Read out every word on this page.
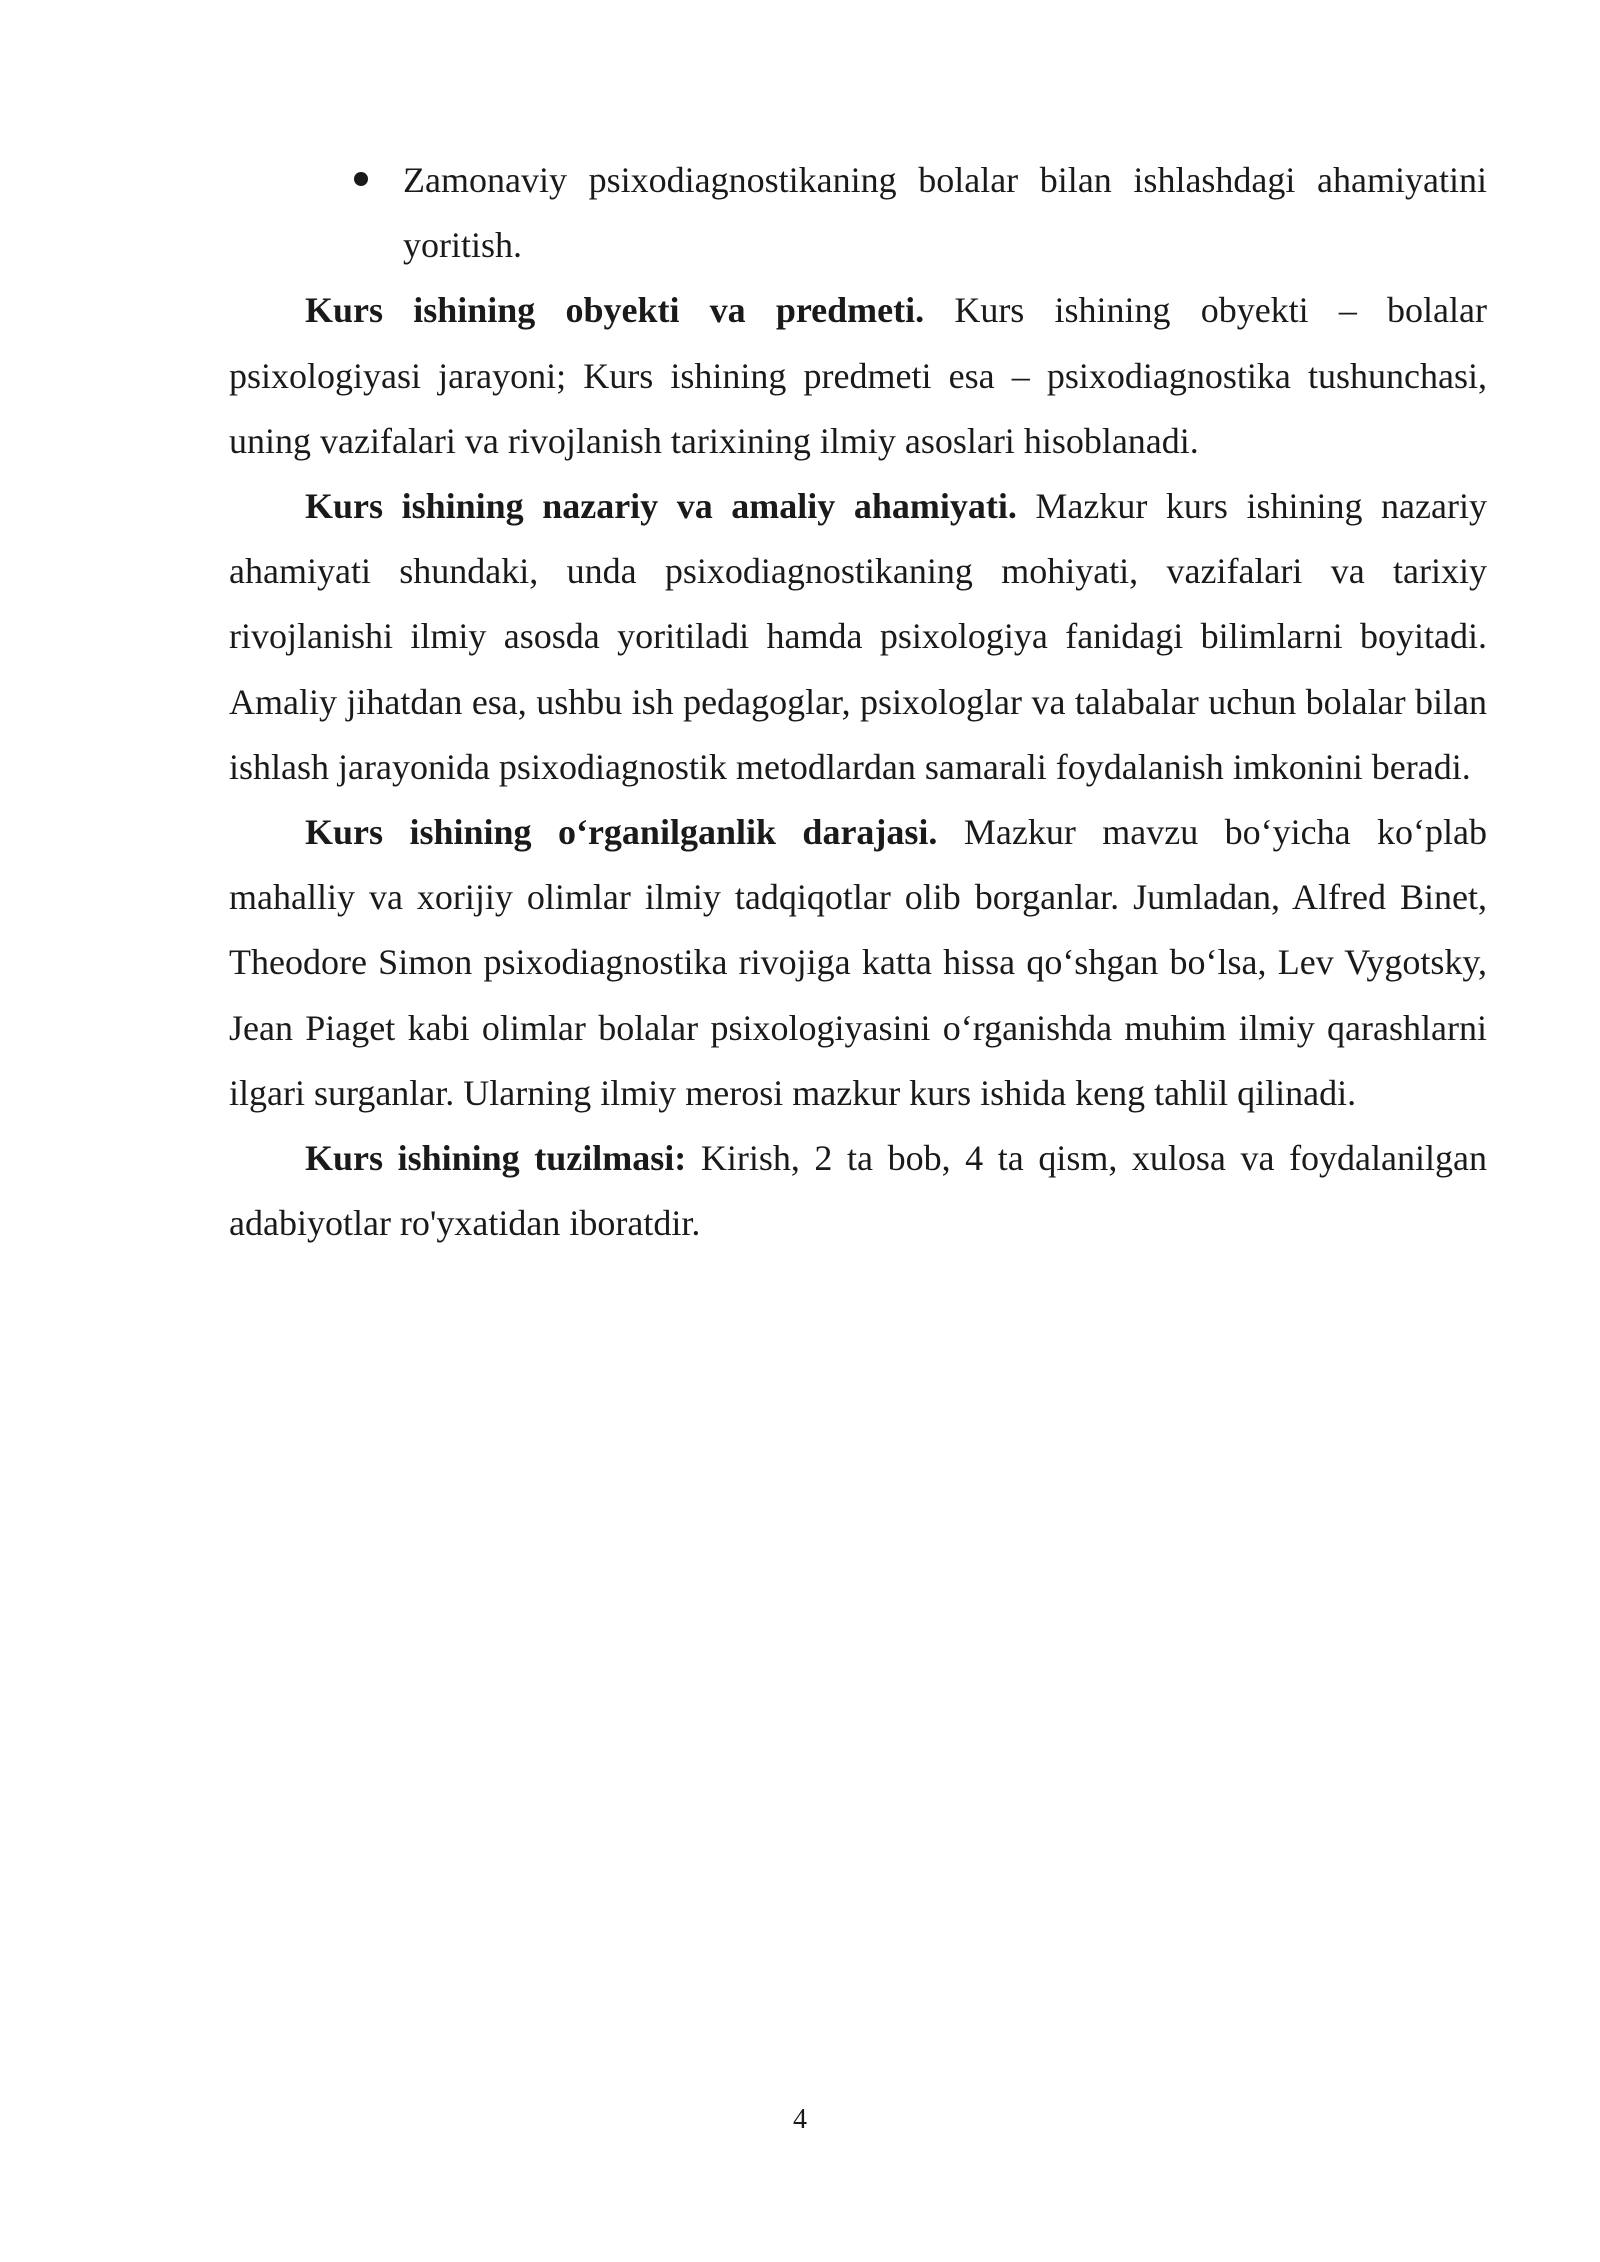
Zamonaviy psixodiagnostikaning bolalar bilan ishlashdagi ahamiyatini yoritish.

Kurs ishining obyekti va predmeti. Kurs ishining obyekti – bolalar psixologiyasi jarayoni; Kurs ishining predmeti esa – psixodiagnostika tushunchasi, uning vazifalari va rivojlanish tarixining ilmiy asoslari hisoblanadi.

Kurs ishining nazariy va amaliy ahamiyati. Mazkur kurs ishining nazariy ahamiyati shundaki, unda psixodiagnostikaning mohiyati, vazifalari va tarixiy rivojlanishi ilmiy asosda yoritiladi hamda psixologiya fanidagi bilimlarni boyitadi. Amaliy jihatdan esa, ushbu ish pedagoglar, psixologlar va talabalar uchun bolalar bilan ishlash jarayonida psixodiagnostik metodlardan samarali foydalanish imkonini beradi.

Kurs ishining o‘rganilganlik darajasi. Mazkur mavzu bo‘yicha ko‘plab mahalliy va xorijiy olimlar ilmiy tadqiqotlar olib borganlar. Jumladan, Alfred Binet, Theodore Simon psixodiagnostika rivojiga katta hissa qo‘shgan bo‘lsa, Lev Vygotsky, Jean Piaget kabi olimlar bolalar psixologiyasini o‘rganishda muhim ilmiy qarashlarni ilgari surganlar. Ularning ilmiy merosi mazkur kurs ishida keng tahlil qilinadi.

Kurs ishining tuzilmasi: Kirish, 2 ta bob, 4 ta qism, xulosa va foydalanilgan adabiyotlar ro'yxatidan iboratdir.

4
